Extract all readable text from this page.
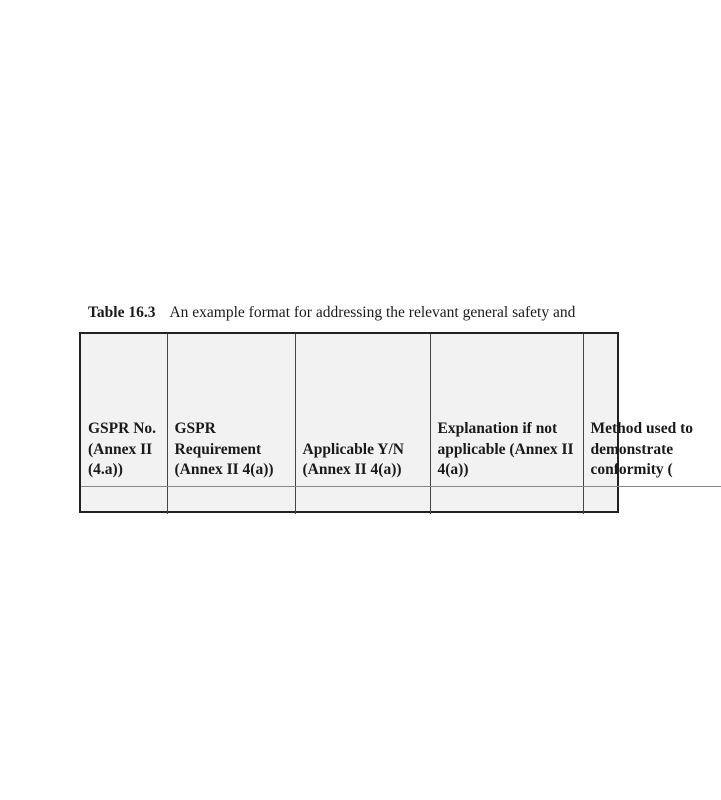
Table 16.3 An example format for addressing the relevant general safety and
GSPR No. (Annex II (4.a))	GSPR Requirement (Annex II 4(a))	Applicable Y/N (Annex II 4(a))	Explanation if not applicable (Annex II 4(a))	Method used to demonstrate conformity (
